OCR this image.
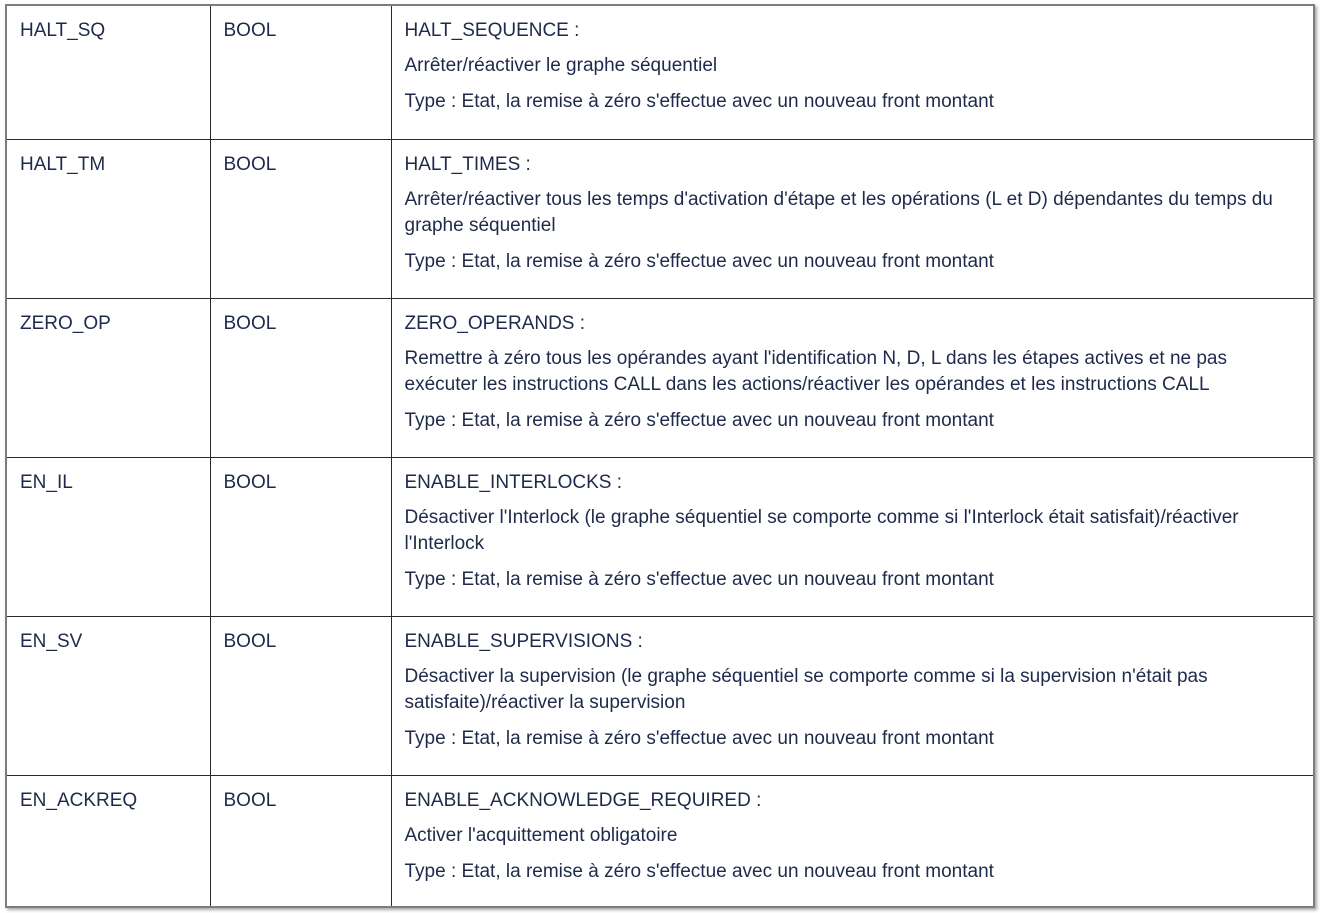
HALT_SQ	BOOL	HALT_SEQUENCE :

Arrêter/réactiver le graphe séquentiel

Type : Etat, la remise à zéro s'effectue avec un nouveau front montant

HALT_TM	BOOL	HALT_TIMES :

Arrêter/réactiver tous les temps d'activation d'étape et les opérations (L et D) dépendantes du temps du graphe séquentiel

Type : Etat, la remise à zéro s'effectue avec un nouveau front montant

ZERO_OP	BOOL	ZERO_OPERANDS :

Remettre à zéro tous les opérandes ayant l'identification N, D, L dans les étapes actives et ne pas exécuter les instructions CALL dans les actions/réactiver les opérandes et les instructions CALL

Type : Etat, la remise à zéro s'effectue avec un nouveau front montant

EN_IL	BOOL	ENABLE_INTERLOCKS :

Désactiver l'Interlock (le graphe séquentiel se comporte comme si l'Interlock était satisfait)/réactiver l'Interlock

Type : Etat, la remise à zéro s'effectue avec un nouveau front montant

EN_SV	BOOL	ENABLE_SUPERVISIONS :

Désactiver la supervision (le graphe séquentiel se comporte comme si la supervision n'était pas satisfaite)/réactiver la supervision

Type : Etat, la remise à zéro s'effectue avec un nouveau front montant

EN_ACKREQ	BOOL	ENABLE_ACKNOWLEDGE_REQUIRED :

Activer l'acquittement obligatoire

Type : Etat, la remise à zéro s'effectue avec un nouveau front montant
